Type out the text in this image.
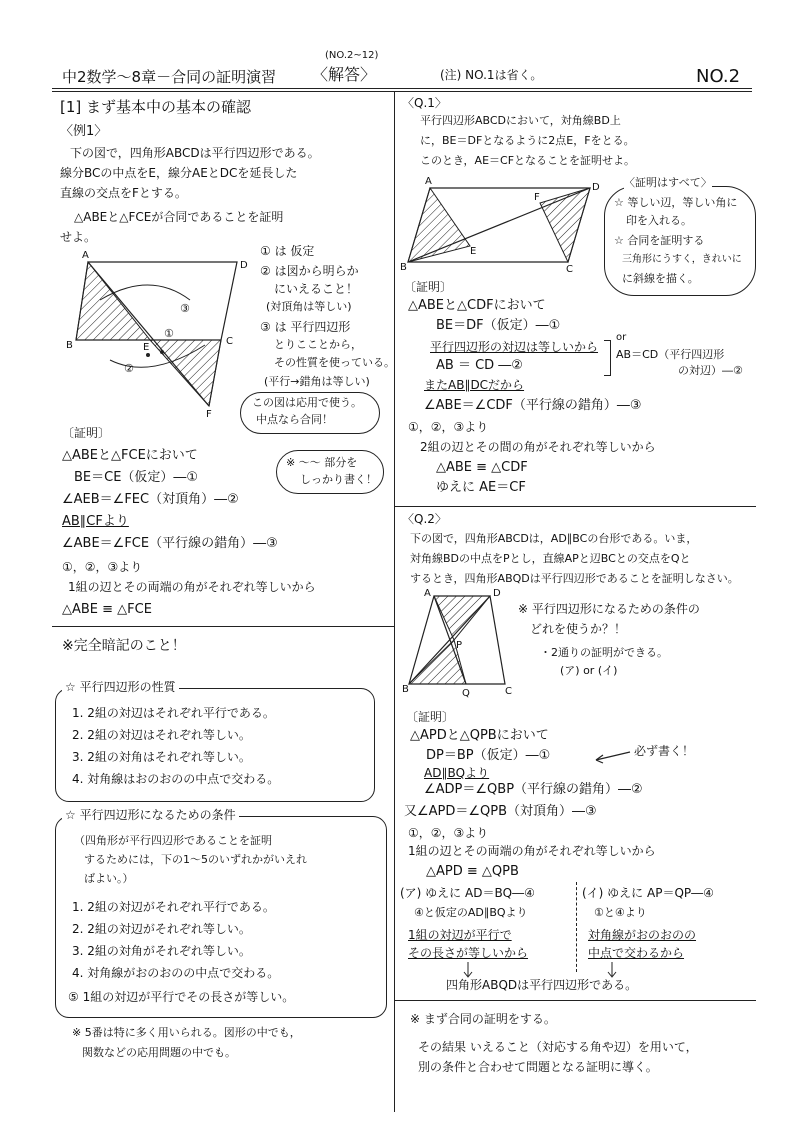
中2数学～8章－合同の証明演習
(NO.2~12)
〈解答〉	(注) NO.1は省く。	NO.2
[1] まず基本中の基本の確認
〈例1〉
下の図で，四角形ABCDは平行四辺形である。
線分BCの中点をE，線分AEとDCを延長した
直線の交点をFとする。
△ABEと△FCEが合同であることを証明
せよ。
A
D
B	E
C
F
①
②
③
① は 仮定
② は図から明らか
にいえること！
(対頂角は等しい)
③ は 平行四辺形
とりこことから，
その性質を使っている。
(平行→錯角は等しい)
この図は応用で使う。
中点なら合同！
〔証明〕
△ABEと△FCEにおいて
BE＝CE（仮定）―①
∠AEB＝∠FEC（対頂角）―②
AB∥CFより
∠ABE＝∠FCE（平行線の錯角）―③
①，②，③より
1組の辺とその両端の角がそれぞれ等しいから
△ABE ≡ △FCE
※ ～～ 部分を
しっかり書く！
※完全暗記のこと！
☆ 平行四辺形の性質
1. 2組の対辺はそれぞれ平行である。
2. 2組の対辺はそれぞれ等しい。
3. 2組の対角はそれぞれ等しい。
4. 対角線はおのおのの中点で交わる。
☆ 平行四辺形になるための条件
（四角形が平行四辺形であることを証明
するためには，下の1～5のいずれかがいえれ
ばよい。）
1. 2組の対辺がそれぞれ平行である。
2. 2組の対辺がそれぞれ等しい。
3. 2組の対角がそれぞれ等しい。
4. 対角線がおのおのの中点で交わる。
⑤ 1組の対辺が平行でその長さが等しい。
※ 5番は特に多く用いられる。図形の中でも，
関数などの応用問題の中でも。
〈Q.1〉
平行四辺形ABCDにおいて，対角線BD上
に，BE＝DFとなるように2点E，Fをとる。
このとき，AE＝CFとなることを証明せよ。
A
D
B
E
F
C
〈証明はすべて〉
☆ 等しい辺，等しい角に
印を入れる。
☆ 合同を証明する
三角形にうすく，きれいに
に斜線を描く。
〔証明〕
△ABEと△CDFにおいて
BE＝DF（仮定）―①
平行四辺形の対辺は等しいから
AB ＝ CD ―②
またAB∥DCだから
∠ABE＝∠CDF（平行線の錯角）―③
①，②，③より
2組の辺とその間の角がそれぞれ等しいから
△ABE ≡ △CDF
ゆえに AE＝CF
or
AB＝CD（平行四辺形
の対辺）―②
〈Q.2〉
下の図で，四角形ABCDは，AD∥BCの台形である。いま，
対角線BDの中点をPとし，直線APと辺BCとの交点をQと
するとき，四角形ABQDは平行四辺形であることを証明しなさい。
A	D
P
B	Q	C
※ 平行四辺形になるための条件の
どれを使うか？！
・2通りの証明ができる。
(ア) or (イ)
〔証明〕
△APDと△QPBにおいて
DP＝BP（仮定）―①
AD∥BQより
∠ADP＝∠QBP（平行線の錯角）―②
又∠APD＝∠QPB（対頂角）―③
①，②，③より
1組の辺とその両端の角がそれぞれ等しいから
△APD ≡ △QPB
必ず書く！
(ア) ゆえに AD＝BQ―④
④と仮定のAD∥BQより
1組の対辺が平行で
その長さが等しいから
(イ) ゆえに AP＝QP―④
①と④より
対角線がおのおのの
中点で交わるから
四角形ABQDは平行四辺形である。
※ まず合同の証明をする。
その結果 いえること（対応する角や辺）を用いて，
別の条件と合わせて問題となる証明に導く。
